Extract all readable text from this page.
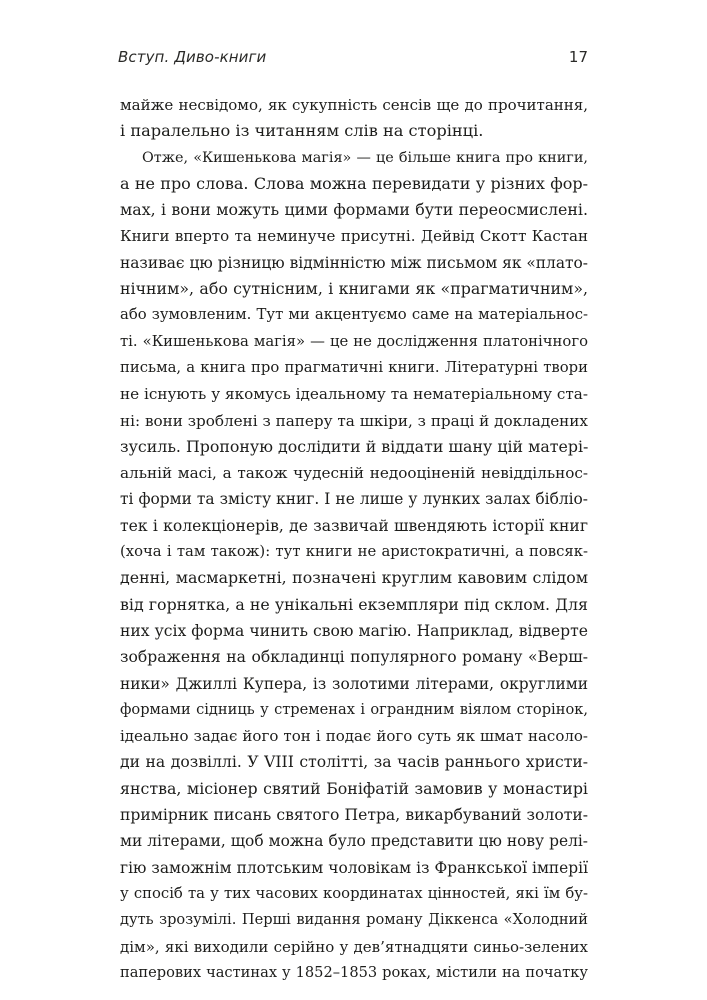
Вступ. Диво-книги	17
майже несвідомо, як сукупність сенсів ще до прочитання,
і паралельно із читанням слів на сторінці.
Отже, «Кишенькова магія» — це більше книга про книги,
а не про слова. Слова можна перевидати у різних фор-
мах, і вони можуть цими формами бути переосмислені.
Книги вперто та неминуче присутні. Дейвід Скотт Кастан
називає цю різницю відмінністю між письмом як «плато-
нічним», або сутнісним, і книгами як «прагматичним»,
або зумовленим. Тут ми акцентуємо саме на матеріальнос-
ті. «Кишенькова магія» — це не дослідження платонічного
письма, а книга про прагматичні книги. Літературні твори
не існують у якомусь ідеальному та нематеріальному ста-
ні: вони зроблені з паперу та шкіри, з праці й докладених
зусиль. Пропоную дослідити й віддати шану цій матері-
альній масі, а також чудесній недооціненій невіддільнос-
ті форми та змісту книг. І не лише у лунких залах бібліо-
тек і колекціонерів, де зазвичай швендяють історії книг
(хоча і там також): тут книги не аристократичні, а повсяк-
денні, масмаркетні, позначені круглим кавовим слідом
від горнятка, а не унікальні екземпляри під склом. Для
них усіх форма чинить свою магію. Наприклад, відверте
зображення на обкладинці популярного роману «Верш-
ники» Джиллі Купера, із золотими літерами, округлими
формами сідниць у стременах і ограндним віялом сторінок,
ідеально задає його тон і подає його суть як шмат насоло-
ди на дозвіллі. У VIII столітті, за часів раннього христи-
янства, місіонер святий Боніфатій замовив у монастирі
примірник писань святого Петра, викарбуваний золоти-
ми літерами, щоб можна було представити цю нову релі-
гію заможнім плотським чоловікам із Франкської імперії
у спосіб та у тих часових координатах цінностей, які їм бу-
дуть зрозумілі. Перші видання роману Діккенса «Холодний
дім», які виходили серійно у дев’ятнадцяти синьо-зелених
паперових частинах у 1852–1853 роках, містили на початку
